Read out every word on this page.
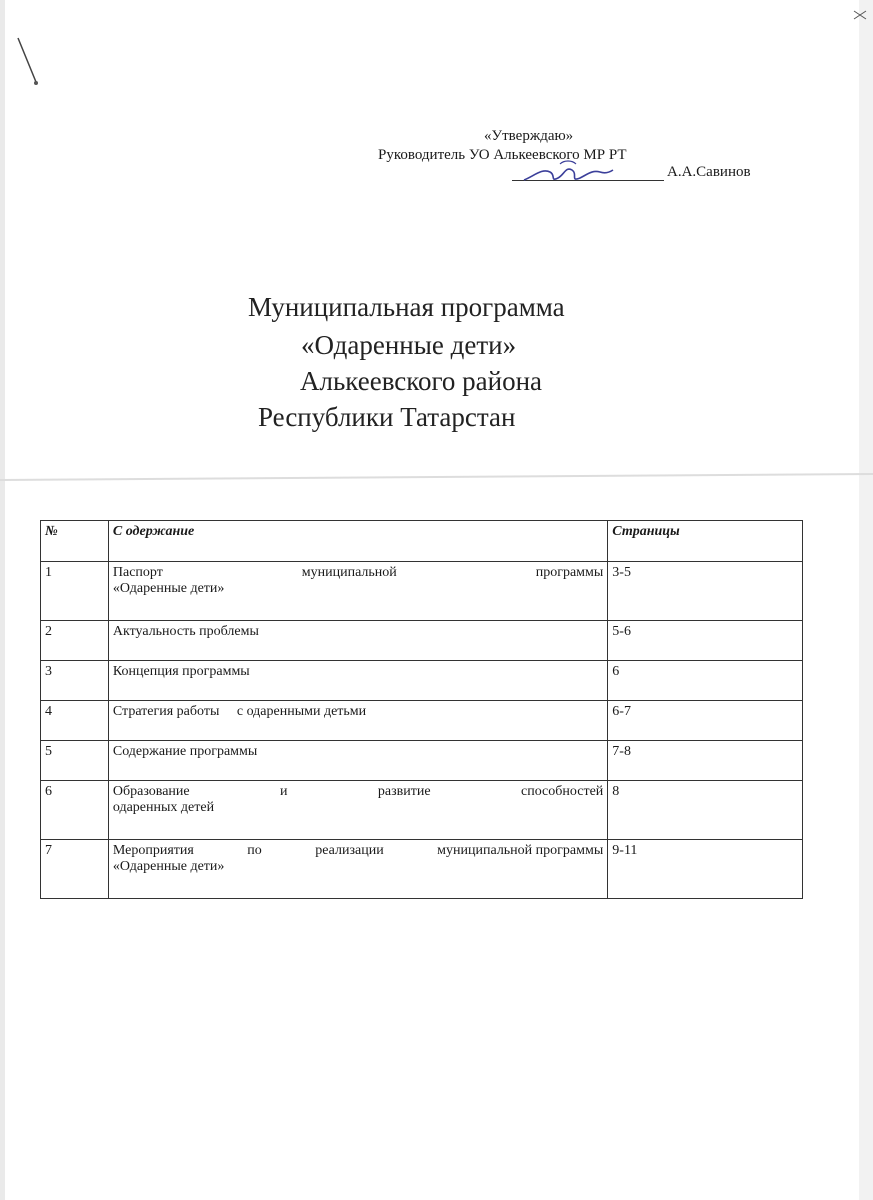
«Утверждаю»
Руководитель УО Алькеевского МР РТ
А.А.Савинов
Муниципальная программа
«Одаренные дети»
Алькеевского района
Республики Татарстан
№	С одержание	Страницы
1	Паспорт муниципальной программы
«Одаренные дети»	3-5
2	Актуальность проблемы	5-6
3	Концепция программы	6
4	Стратегия работы     с одаренными детьми	6-7
5	Содержание программы	7-8
6	Образование и развитие способностей
одаренных детей	8
7	Мероприятия по реализации муниципальной программы
«Одаренные дети»	9-11
